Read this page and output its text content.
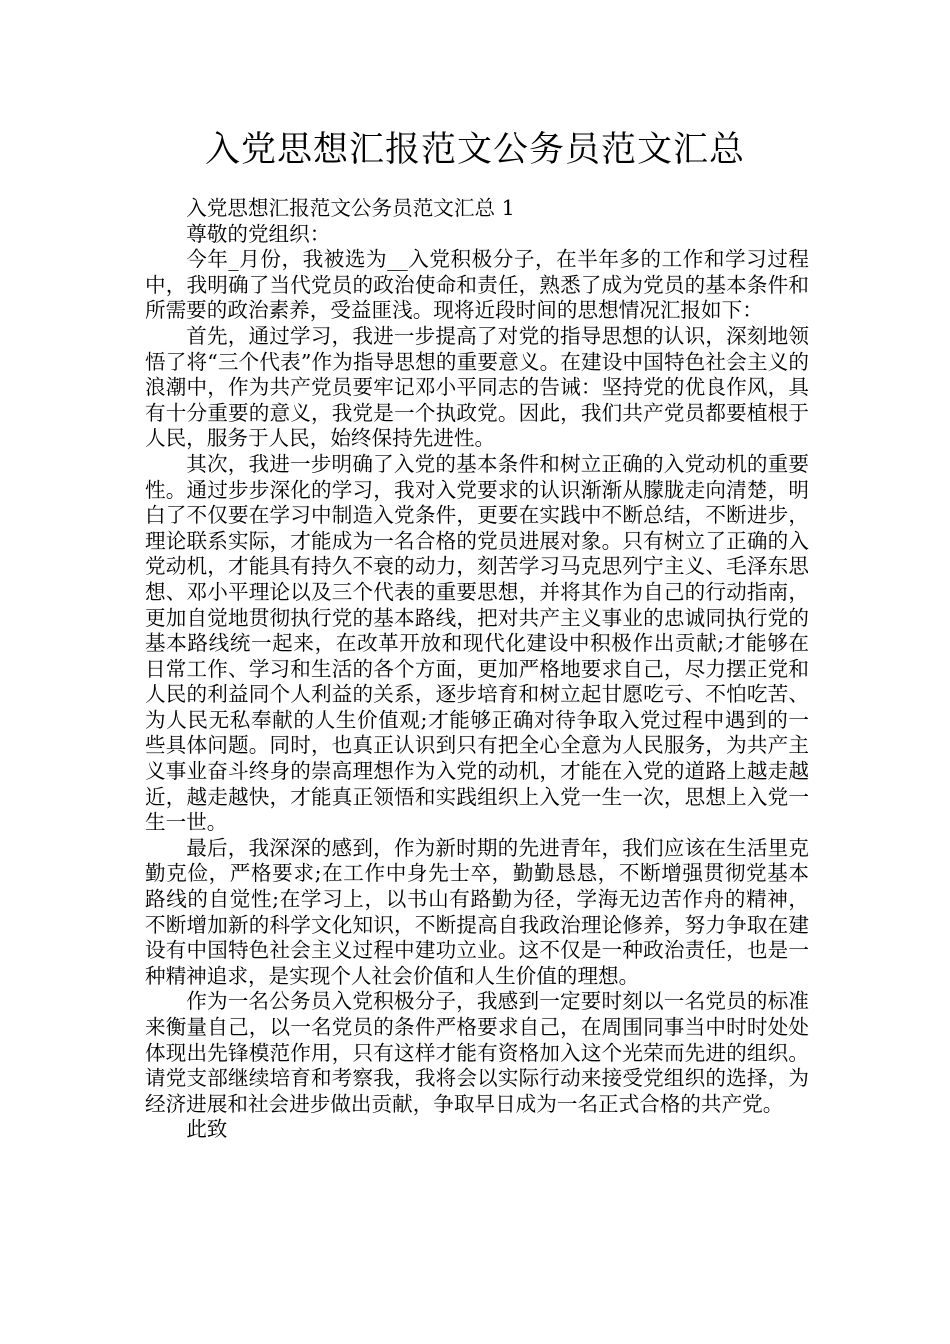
入党思想汇报范文公务员范文汇总

入党思想汇报范文公务员范文汇总 1

尊敬的党组织：

今年_月份，我被选为__入党积极分子，在半年多的工作和学习过程中，我明确了当代党员的政治使命和责任，熟悉了成为党员的基本条件和所需要的政治素养，受益匪浅。现将近段时间的思想情况汇报如下：

首先，通过学习，我进一步提高了对党的指导思想的认识，深刻地领悟了将“三个代表”作为指导思想的重要意义。在建设中国特色社会主义的浪潮中，作为共产党员要牢记邓小平同志的告诫：坚持党的优良作风，具有十分重要的意义，我党是一个执政党。因此，我们共产党员都要植根于人民，服务于人民，始终保持先进性。

其次，我进一步明确了入党的基本条件和树立正确的入党动机的重要性。通过步步深化的学习，我对入党要求的认识渐渐从朦胧走向清楚，明白了不仅要在学习中制造入党条件，更要在实践中不断总结，不断进步，理论联系实际，才能成为一名合格的党员进展对象。只有树立了正确的入党动机，才能具有持久不衰的动力，刻苦学习马克思列宁主义、毛泽东思想、邓小平理论以及三个代表的重要思想，并将其作为自己的行动指南，更加自觉地贯彻执行党的基本路线，把对共产主义事业的忠诚同执行党的基本路线统一起来，在改革开放和现代化建设中积极作出贡献;才能够在日常工作、学习和生活的各个方面，更加严格地要求自己，尽力摆正党和人民的利益同个人利益的关系，逐步培育和树立起甘愿吃亏、不怕吃苦、为人民无私奉献的人生价值观;才能够正确对待争取入党过程中遇到的一些具体问题。同时，也真正认识到只有把全心全意为人民服务，为共产主义事业奋斗终身的崇高理想作为入党的动机，才能在入党的道路上越走越近，越走越快，才能真正领悟和实践组织上入党一生一次，思想上入党一生一世。

最后，我深深的感到，作为新时期的先进青年，我们应该在生活里克勤克俭，严格要求;在工作中身先士卒，勤勤恳恳，不断增强贯彻党基本路线的自觉性;在学习上，以书山有路勤为径，学海无边苦作舟的精神，不断增加新的科学文化知识，不断提高自我政治理论修养，努力争取在建设有中国特色社会主义过程中建功立业。这不仅是一种政治责任，也是一种精神追求，是实现个人社会价值和人生价值的理想。

作为一名公务员入党积极分子，我感到一定要时刻以一名党员的标准来衡量自己，以一名党员的条件严格要求自己，在周围同事当中时时处处体现出先锋模范作用，只有这样才能有资格加入这个光荣而先进的组织。请党支部继续培育和考察我，我将会以实际行动来接受党组织的选择，为经济进展和社会进步做出贡献，争取早日成为一名正式合格的共产党。

此致
